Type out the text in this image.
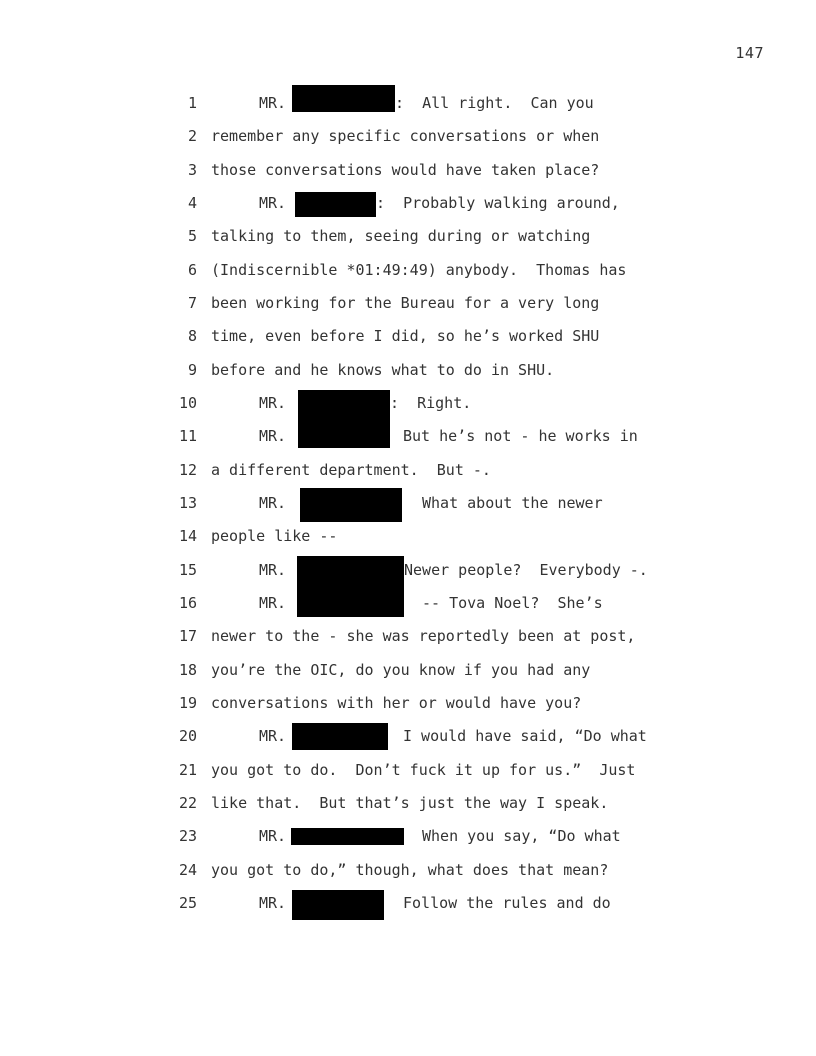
147
1	MR.	:  All right.  Can you
2 remember any specific conversations or when
3 those conversations would have taken place?
4	MR.	:  Probably walking around,
5 talking to them, seeing during or watching
6 (Indiscernible *01:49:49) anybody.  Thomas has
7 been working for the Bureau for a very long
8 time, even before I did, so he’s worked SHU
9 before and he knows what to do in SHU.
10	MR.	:  Right.
11	MR.	But he’s not - he works in
12 a different department.  But -.
13	MR.	What about the newer
14 people like --
15	MR.	Newer people?  Everybody -.
16	MR.	-- Tova Noel?  She’s
17 newer to the - she was reportedly been at post,
18 you’re the OIC, do you know if you had any
19 conversations with her or would have you?
20	MR.	I would have said, “Do what
21 you got to do.  Don’t fuck it up for us.”  Just
22 like that.  But that’s just the way I speak.
23	MR.	When you say, “Do what
24 you got to do,” though, what does that mean?
25	MR.	Follow the rules and do
